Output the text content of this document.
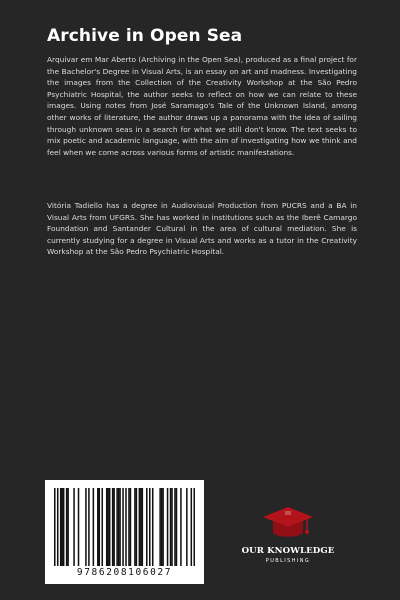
Archive in Open Sea
Arquivar em Mar Aberto (Archiving in the Open Sea), produced as a final project for the Bachelor's Degree in Visual Arts, is an essay on art and madness. Investigating the images from the Collection of the Creativity Workshop at the São Pedro Psychiatric Hospital, the author seeks to reflect on how we can relate to these images. Using notes from José Saramago's Tale of the Unknown Island, among other works of literature, the author draws up a panorama with the idea of sailing through unknown seas in a search for what we still don't know. The text seeks to mix poetic and academic language, with the aim of investigating how we think and feel when we come across various forms of artistic manifestations.
Vitória Tadiello has a degree in Audiovisual Production from PUCRS and a BA in Visual Arts from UFGRS. She has worked in institutions such as the Iberê Camargo Foundation and Santander Cultural in the area of cultural mediation. She is currently studying for a degree in Visual Arts and works as a tutor in the Creativity Workshop at the São Pedro Psychiatric Hospital.
9786208106027
OUR KNOWLEDGE
PUBLISHING
